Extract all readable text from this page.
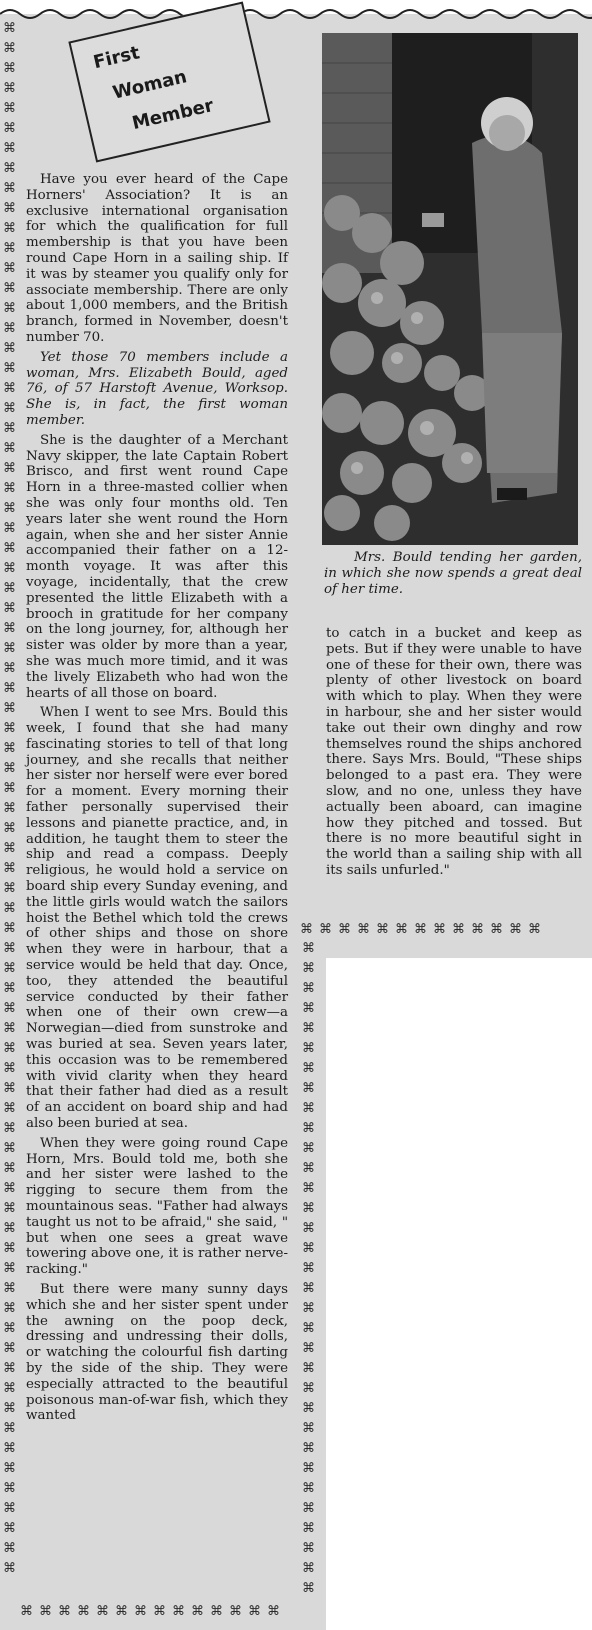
⌘
⌘
⌘
⌘
⌘
⌘
⌘
⌘
⌘
⌘
⌘
⌘
⌘
⌘
⌘
⌘
⌘
⌘
⌘
⌘
⌘
⌘
⌘
⌘
⌘
⌘
⌘
⌘
⌘
⌘
⌘
⌘
⌘
⌘
⌘
⌘
⌘
⌘
⌘
⌘
⌘
⌘
⌘
⌘
⌘
⌘
⌘
⌘
⌘
⌘
⌘
⌘
⌘
⌘
⌘
⌘
⌘
⌘
⌘
⌘
⌘
⌘
⌘
⌘
⌘
⌘
⌘
⌘
⌘
⌘
⌘
⌘
⌘
⌘
⌘
⌘
⌘
⌘
⌘
⌘
⌘
⌘
⌘
⌘
⌘
⌘
⌘
⌘
⌘
⌘
⌘
⌘
⌘
⌘
⌘
⌘
⌘
⌘
⌘
⌘
⌘
⌘
⌘
⌘
⌘
⌘
⌘
⌘
⌘
⌘
⌘
⌘ ⌘ ⌘ ⌘ ⌘ ⌘ ⌘ ⌘ ⌘ ⌘ ⌘ ⌘ ⌘ ⌘
⌘ ⌘ ⌘ ⌘ ⌘ ⌘ ⌘ ⌘ ⌘ ⌘ ⌘ ⌘ ⌘
First
Woman
Member

Have you ever heard of the Cape Horners' Association? It is an exclusive international organisation for which the qualification for full membership is that you have been round Cape Horn in a sailing ship. If it was by steamer you qualify only for associate membership. There are only about 1,000 members, and the British branch, formed in November, doesn't number 70.

Yet those 70 members include a woman, Mrs. Elizabeth Bould, aged 76, of 57 Harstoft Avenue, Worksop. She is, in fact, the first woman member.

She is the daughter of a Merchant Navy skipper, the late Captain Robert Brisco, and first went round Cape Horn in a three-masted collier when she was only four months old. Ten years later she went round the Horn again, when she and her sister Annie accompanied their father on a 12-month voyage. It was after this voyage, incidentally, that the crew presented the little Elizabeth with a brooch in gratitude for her company on the long journey, for, although her sister was older by more than a year, she was much more timid, and it was the lively Elizabeth who had won the hearts of all those on board.

When I went to see Mrs. Bould this week, I found that she had many fascinating stories to tell of that long journey, and she recalls that neither her sister nor herself were ever bored for a moment. Every morning their father personally supervised their lessons and pianette practice, and, in addition, he taught them to steer the ship and read a compass. Deeply religious, he would hold a service on board ship every Sunday evening, and the little girls would watch the sailors hoist the Bethel which told the crews of other ships and those on shore when they were in harbour, that a service would be held that day. Once, too, they attended the beautiful service conducted by their father when one of their own crew—a Norwegian—died from sunstroke and was buried at sea. Seven years later, this occasion was to be remembered with vivid clarity when they heard that their father had died as a result of an accident on board ship and had also been buried at sea.

When they were going round Cape Horn, Mrs. Bould told me, both she and her sister were lashed to the rigging to secure them from the mountainous seas. "Father had always taught us not to be afraid," she said, " but when one sees a great wave towering above one, it is rather nerve-racking."

But there were many sunny days which she and her sister spent under the awning on the poop deck, dressing and undressing their dolls, or watching the colourful fish darting by the side of the ship. They were especially attracted to the beautiful poisonous man-of-war fish, which they wanted

Mrs. Bould tending her garden, in which she now spends a great deal of her time.

to catch in a bucket and keep as pets. But if they were unable to have one of these for their own, there was plenty of other livestock on board with which to play. When they were in harbour, she and her sister would take out their own dinghy and row themselves round the ships anchored there. Says Mrs. Bould, "These ships belonged to a past era. They were slow, and no one, unless they have actually been aboard, can imagine how they pitched and tossed. But there is no more beautiful sight in the world than a sailing ship with all its sails unfurled."
